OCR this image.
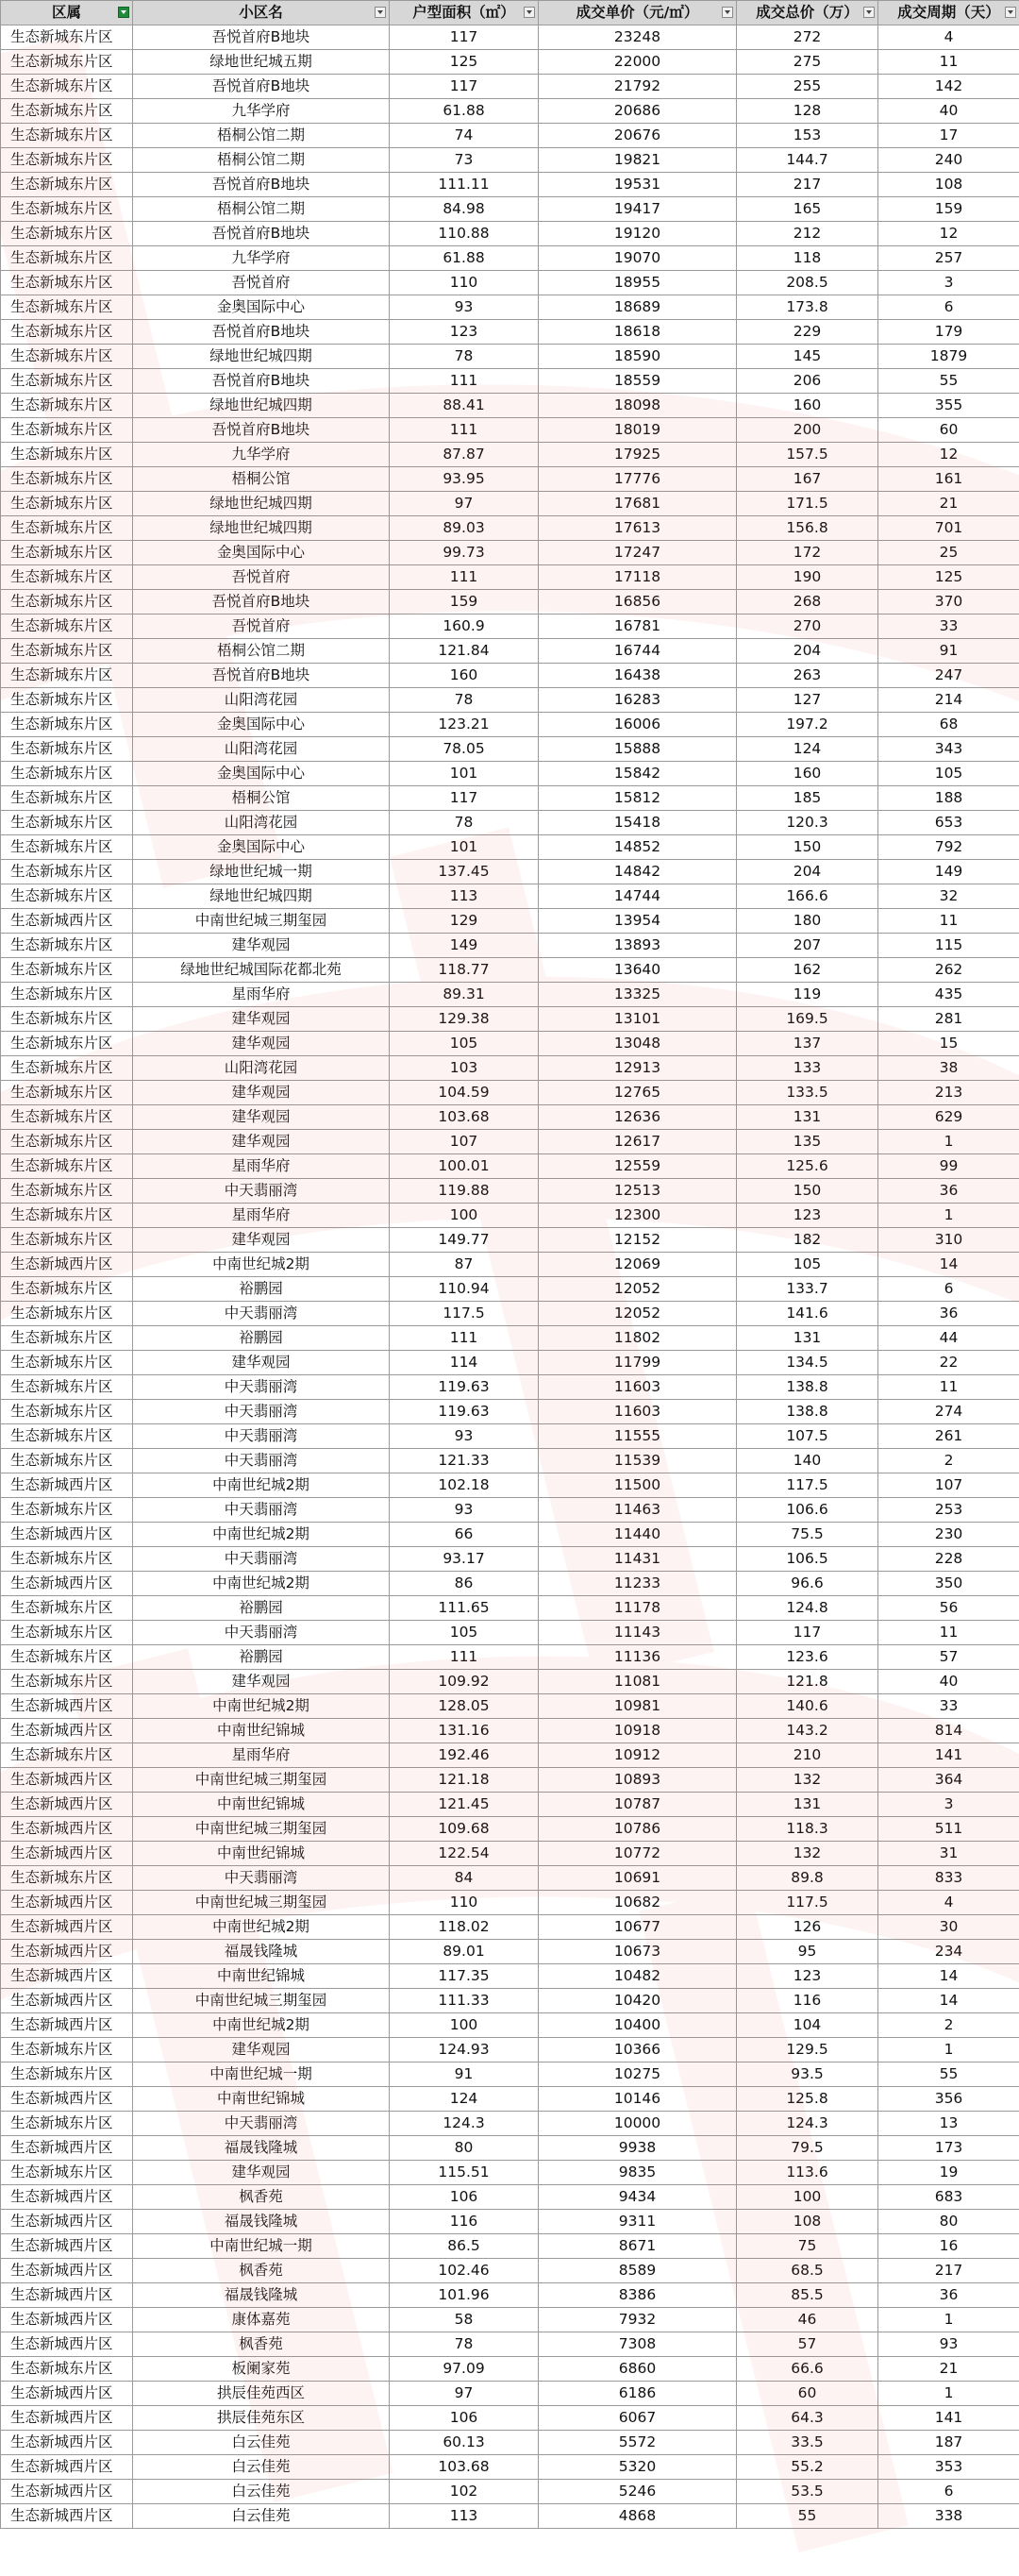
区属	小区名	户型面积（㎡）	成交单价（元/㎡）	成交总价（万）	成交周期（天）

生态新城东片区	吾悦首府B地块	117	23248	272	4
生态新城东片区	绿地世纪城五期	125	22000	275	11
生态新城东片区	吾悦首府B地块	117	21792	255	142
生态新城东片区	九华学府	61.88	20686	128	40
生态新城东片区	梧桐公馆二期	74	20676	153	17
生态新城东片区	梧桐公馆二期	73	19821	144.7	240
生态新城东片区	吾悦首府B地块	111.11	19531	217	108
生态新城东片区	梧桐公馆二期	84.98	19417	165	159
生态新城东片区	吾悦首府B地块	110.88	19120	212	12
生态新城东片区	九华学府	61.88	19070	118	257
生态新城东片区	吾悦首府	110	18955	208.5	3
生态新城东片区	金奥国际中心	93	18689	173.8	6
生态新城东片区	吾悦首府B地块	123	18618	229	179
生态新城东片区	绿地世纪城四期	78	18590	145	1879
生态新城东片区	吾悦首府B地块	111	18559	206	55
生态新城东片区	绿地世纪城四期	88.41	18098	160	355
生态新城东片区	吾悦首府B地块	111	18019	200	60
生态新城东片区	九华学府	87.87	17925	157.5	12
生态新城东片区	梧桐公馆	93.95	17776	167	161
生态新城东片区	绿地世纪城四期	97	17681	171.5	21
生态新城东片区	绿地世纪城四期	89.03	17613	156.8	701
生态新城东片区	金奥国际中心	99.73	17247	172	25
生态新城东片区	吾悦首府	111	17118	190	125
生态新城东片区	吾悦首府B地块	159	16856	268	370
生态新城东片区	吾悦首府	160.9	16781	270	33
生态新城东片区	梧桐公馆二期	121.84	16744	204	91
生态新城东片区	吾悦首府B地块	160	16438	263	247
生态新城东片区	山阳湾花园	78	16283	127	214
生态新城东片区	金奥国际中心	123.21	16006	197.2	68
生态新城东片区	山阳湾花园	78.05	15888	124	343
生态新城东片区	金奥国际中心	101	15842	160	105
生态新城东片区	梧桐公馆	117	15812	185	188
生态新城东片区	山阳湾花园	78	15418	120.3	653
生态新城东片区	金奥国际中心	101	14852	150	792
生态新城东片区	绿地世纪城一期	137.45	14842	204	149
生态新城东片区	绿地世纪城四期	113	14744	166.6	32
生态新城西片区	中南世纪城三期玺园	129	13954	180	11
生态新城东片区	建华观园	149	13893	207	115
生态新城东片区	绿地世纪城国际花都北苑	118.77	13640	162	262
生态新城东片区	星雨华府	89.31	13325	119	435
生态新城东片区	建华观园	129.38	13101	169.5	281
生态新城东片区	建华观园	105	13048	137	15
生态新城东片区	山阳湾花园	103	12913	133	38
生态新城东片区	建华观园	104.59	12765	133.5	213
生态新城东片区	建华观园	103.68	12636	131	629
生态新城东片区	建华观园	107	12617	135	1
生态新城东片区	星雨华府	100.01	12559	125.6	99
生态新城东片区	中天翡丽湾	119.88	12513	150	36
生态新城东片区	星雨华府	100	12300	123	1
生态新城东片区	建华观园	149.77	12152	182	310
生态新城西片区	中南世纪城2期	87	12069	105	14
生态新城东片区	裕鹏园	110.94	12052	133.7	6
生态新城东片区	中天翡丽湾	117.5	12052	141.6	36
生态新城东片区	裕鹏园	111	11802	131	44
生态新城东片区	建华观园	114	11799	134.5	22
生态新城东片区	中天翡丽湾	119.63	11603	138.8	11
生态新城东片区	中天翡丽湾	119.63	11603	138.8	274
生态新城东片区	中天翡丽湾	93	11555	107.5	261
生态新城东片区	中天翡丽湾	121.33	11539	140	2
生态新城西片区	中南世纪城2期	102.18	11500	117.5	107
生态新城东片区	中天翡丽湾	93	11463	106.6	253
生态新城西片区	中南世纪城2期	66	11440	75.5	230
生态新城东片区	中天翡丽湾	93.17	11431	106.5	228
生态新城西片区	中南世纪城2期	86	11233	96.6	350
生态新城东片区	裕鹏园	111.65	11178	124.8	56
生态新城东片区	中天翡丽湾	105	11143	117	11
生态新城东片区	裕鹏园	111	11136	123.6	57
生态新城东片区	建华观园	109.92	11081	121.8	40
生态新城西片区	中南世纪城2期	128.05	10981	140.6	33
生态新城西片区	中南世纪锦城	131.16	10918	143.2	814
生态新城东片区	星雨华府	192.46	10912	210	141
生态新城西片区	中南世纪城三期玺园	121.18	10893	132	364
生态新城西片区	中南世纪锦城	121.45	10787	131	3
生态新城西片区	中南世纪城三期玺园	109.68	10786	118.3	511
生态新城西片区	中南世纪锦城	122.54	10772	132	31
生态新城东片区	中天翡丽湾	84	10691	89.8	833
生态新城西片区	中南世纪城三期玺园	110	10682	117.5	4
生态新城西片区	中南世纪城2期	118.02	10677	126	30
生态新城西片区	福晟钱隆城	89.01	10673	95	234
生态新城西片区	中南世纪锦城	117.35	10482	123	14
生态新城西片区	中南世纪城三期玺园	111.33	10420	116	14
生态新城西片区	中南世纪城2期	100	10400	104	2
生态新城东片区	建华观园	124.93	10366	129.5	1
生态新城东片区	中南世纪城一期	91	10275	93.5	55
生态新城西片区	中南世纪锦城	124	10146	125.8	356
生态新城东片区	中天翡丽湾	124.3	10000	124.3	13
生态新城西片区	福晟钱隆城	80	9938	79.5	173
生态新城东片区	建华观园	115.51	9835	113.6	19
生态新城西片区	枫香苑	106	9434	100	683
生态新城西片区	福晟钱隆城	116	9311	108	80
生态新城西片区	中南世纪城一期	86.5	8671	75	16
生态新城西片区	枫香苑	102.46	8589	68.5	217
生态新城西片区	福晟钱隆城	101.96	8386	85.5	36
生态新城西片区	康体嘉苑	58	7932	46	1
生态新城西片区	枫香苑	78	7308	57	93
生态新城东片区	板阑家苑	97.09	6860	66.6	21
生态新城西片区	拱辰佳苑西区	97	6186	60	1
生态新城西片区	拱辰佳苑东区	106	6067	64.3	141
生态新城西片区	白云佳苑	60.13	5572	33.5	187
生态新城西片区	白云佳苑	103.68	5320	55.2	353
生态新城西片区	白云佳苑	102	5246	53.5	6
生态新城西片区	白云佳苑	113	4868	55	338
